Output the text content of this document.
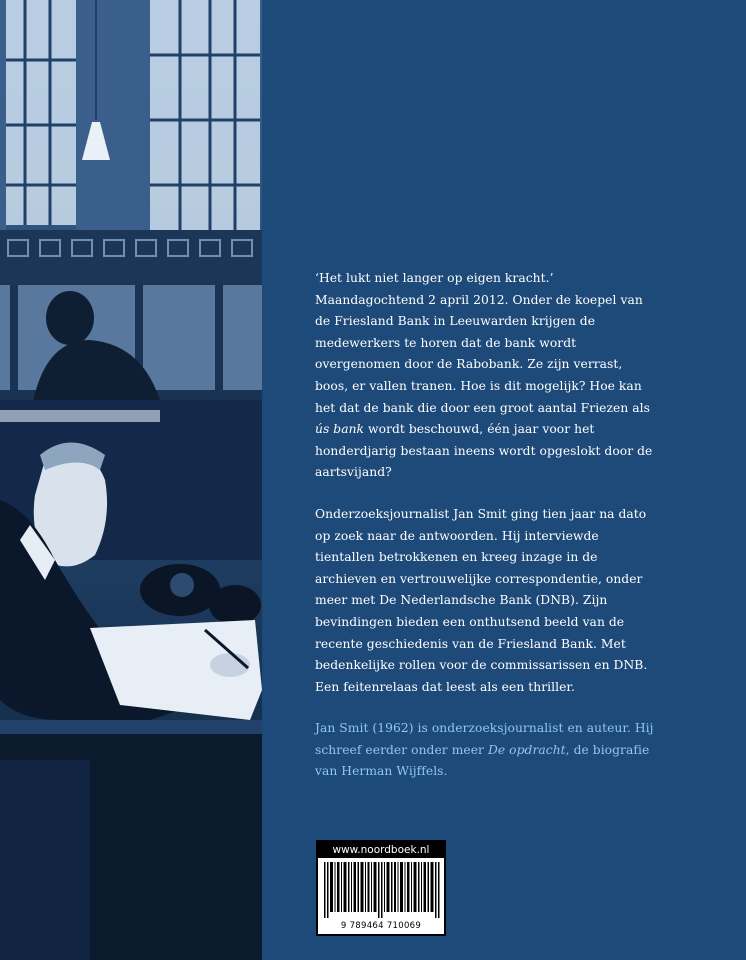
‘Het lukt niet langer op eigen kracht.’ Maandagochtend 2 april 2012. Onder de koepel van de Friesland Bank in Leeuwarden krijgen de medewerkers te horen dat de bank wordt overgenomen door de Rabobank. Ze zijn verrast, boos, er vallen tranen. Hoe is dit mogelijk? Hoe kan het dat de bank die door een groot aantal Friezen als ús bank wordt beschouwd, één jaar voor het honderdjarig bestaan ineens wordt opgeslokt door de aartsvijand?

Onderzoeksjournalist Jan Smit ging tien jaar na dato op zoek naar de antwoorden. Hij interviewde tientallen betrokkenen en kreeg inzage in de archieven en vertrouwelijke correspondentie, onder meer met De Nederlandsche Bank (DNB). Zijn bevindingen bieden een onthutsend beeld van de recente geschiedenis van de Friesland Bank. Met bedenkelijke rollen voor de commissarissen en DNB. Een feitenrelaas dat leest als een thriller.

Jan Smit (1962) is onderzoeksjournalist en auteur. Hij schreef eerder onder meer De opdracht, de biografie van Herman Wijffels.

www.noordboek.nl
9 789464 710069
